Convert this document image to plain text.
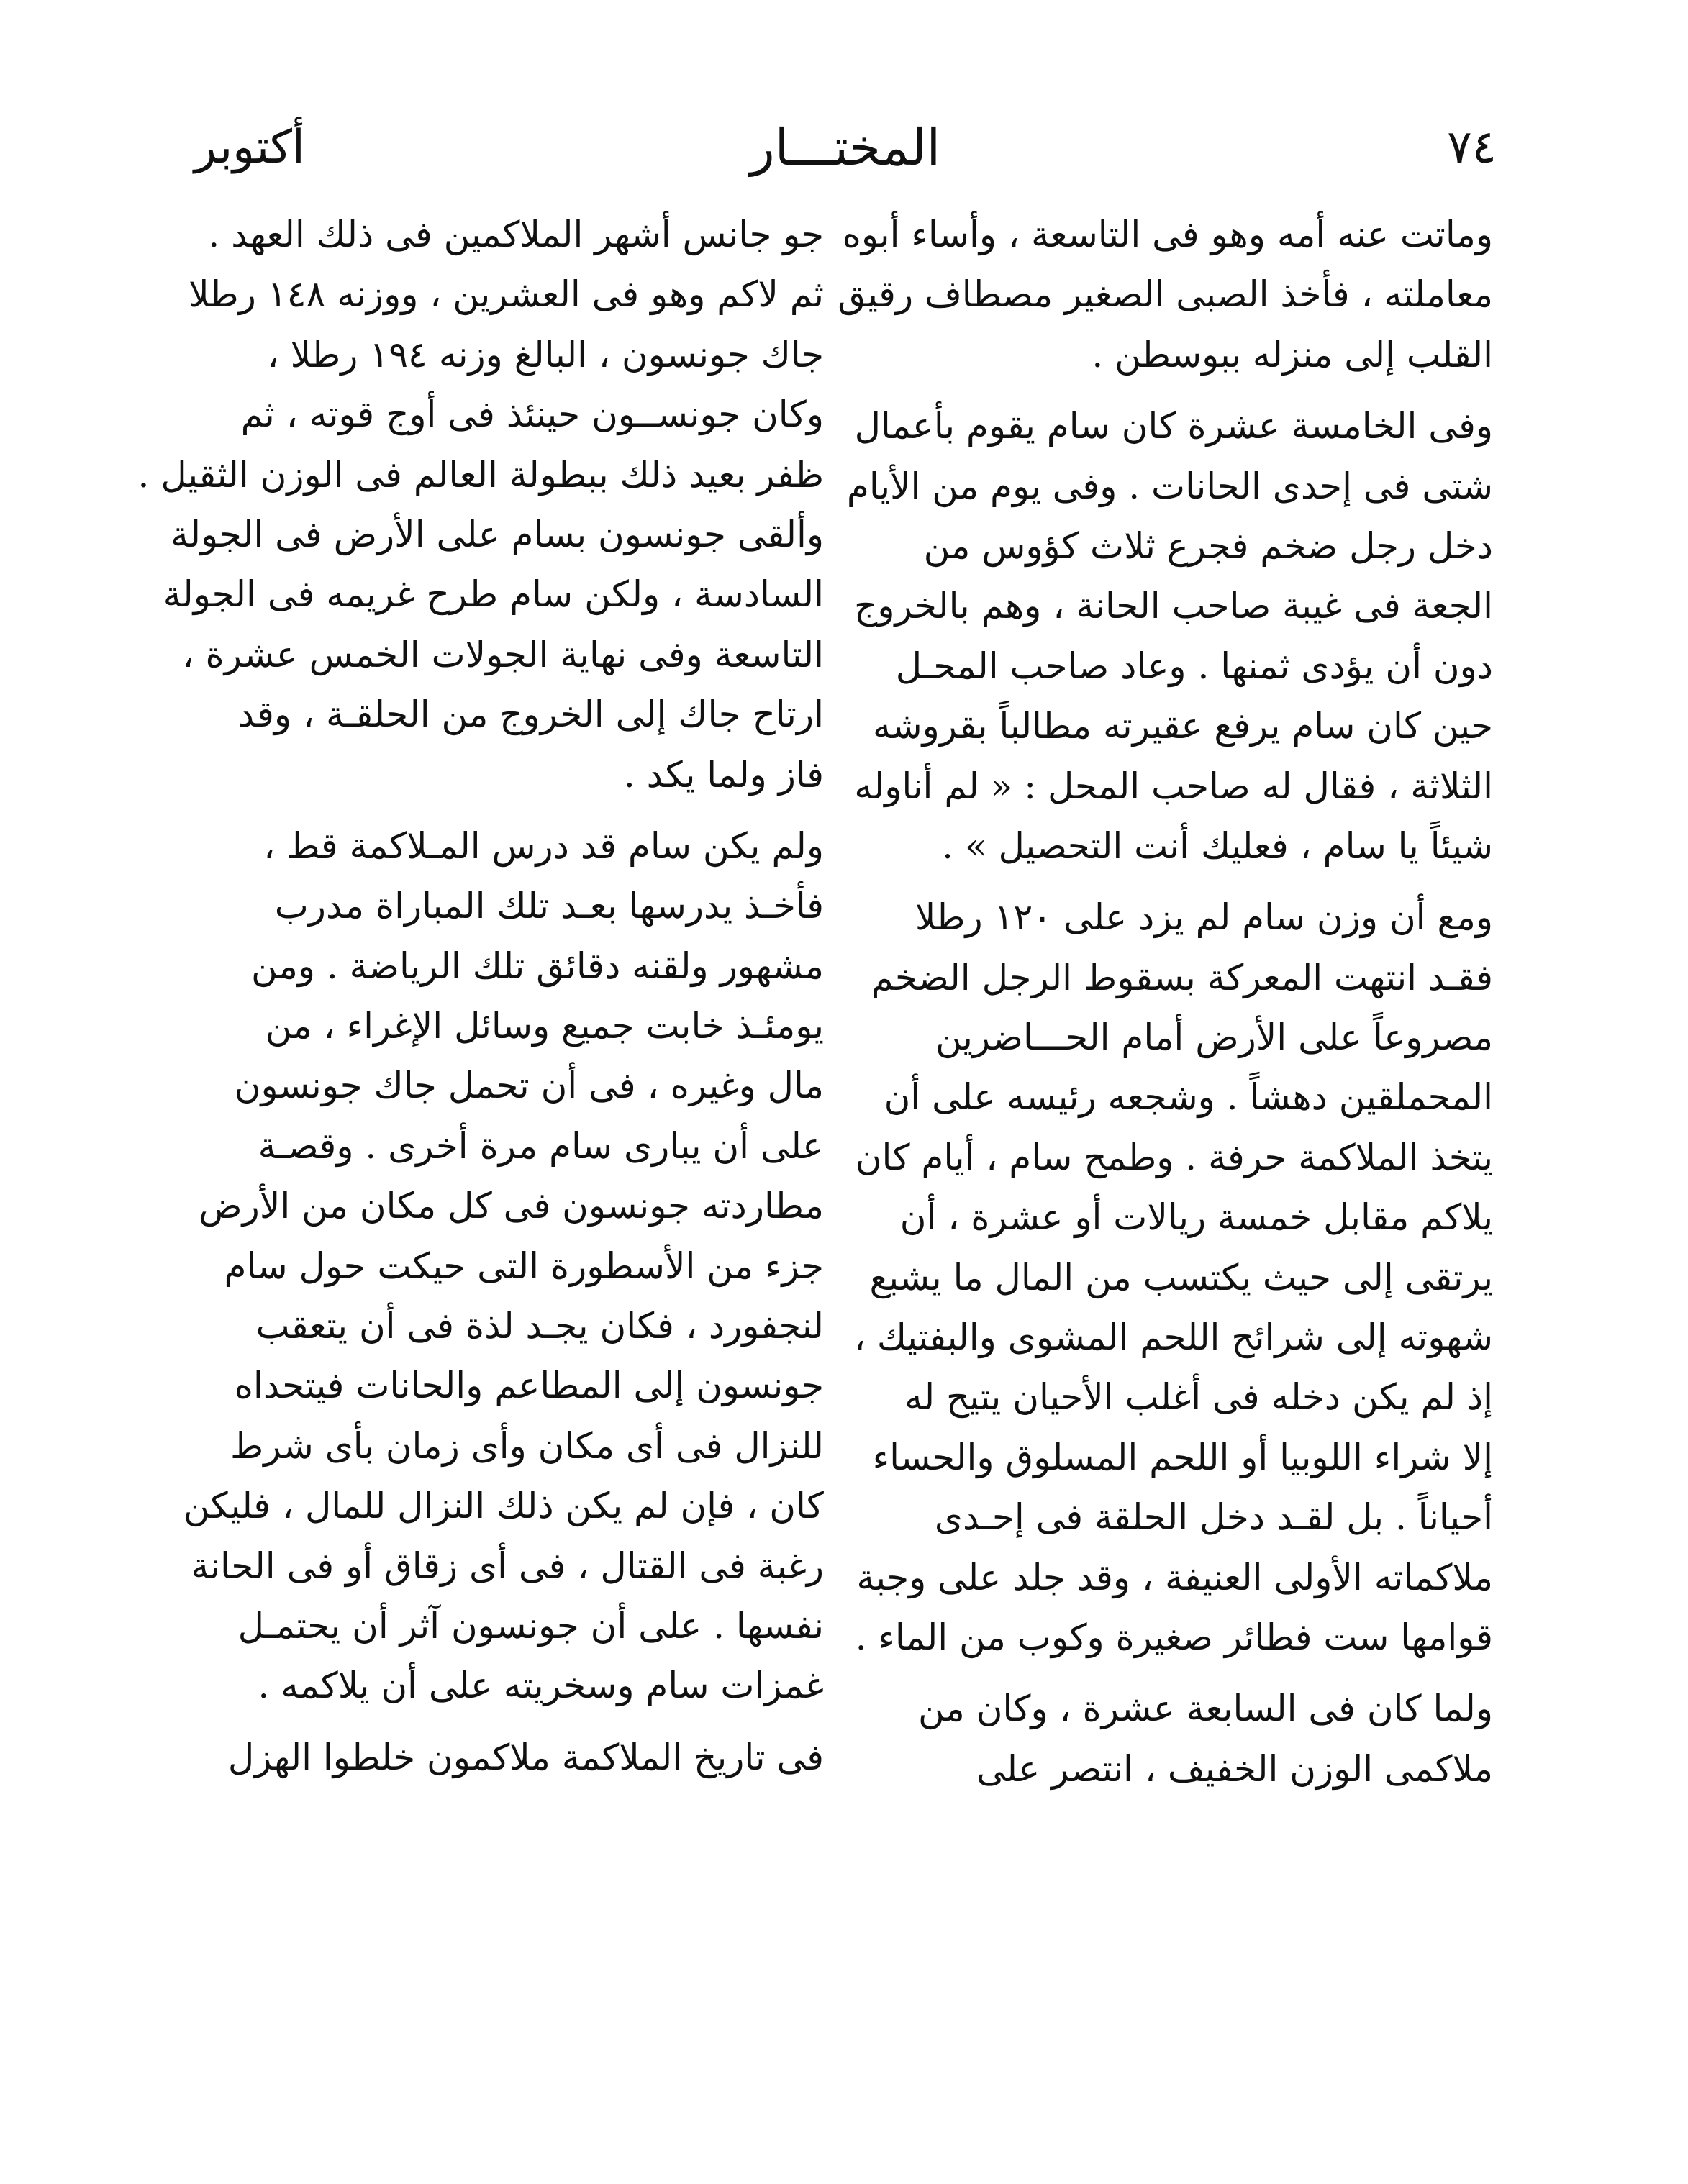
٧٤
المختـــار
أكتوبر
وماتت عنه أمه وهو فى التاسعة ، وأساء أبوه
معاملته ، فأخذ الصبى الصغير مصطاف رقيق
القلب إلى منزله ببوسطن .
وفى الخامسة عشرة كان سام يقوم بأعمال
شتى فى إحدى الحانات . وفى يوم من الأيام
دخل رجل ضخم فجرع ثلاث كؤوس من
الجعة فى غيبة صاحب الحانة ، وهم بالخروج
دون أن يؤدى ثمنها . وعاد صاحب المحـل
حين كان سام يرفع عقيرته مطالباً بقروشه
الثلاثة ، فقال له صاحب المحل : « لم أناوله
شيئاً يا سام ، فعليك أنت التحصيل » .
ومع أن وزن سام لم يزد على ١٢٠ رطلا
فقـد انتهت المعركة بسقوط الرجل الضخم
مصروعاً على الأرض أمام الحـــاضرين
المحملقين دهشاً . وشجعه رئيسه على أن
يتخذ الملاكمة حرفة . وطمح سام ، أيام كان
يلاكم مقابل خمسة ريالات أو عشرة ، أن
يرتقى إلى حيث يكتسب من المال ما يشبع
شهوته إلى شرائح اللحم المشوى والبفتيك ،
إذ لم يكن دخله فى أغلب الأحيان يتيح له
إلا شراء اللوبيا أو اللحم المسلوق والحساء
أحياناً . بل لقـد دخل الحلقة فى إحـدى
ملاكماته الأولى العنيفة ، وقد جلد على وجبة
قوامها ست فطائر صغيرة وكوب من الماء .
ولما كان فى السابعة عشرة ، وكان من
ملاكمى الوزن الخفيف ، انتصر على
جو جانس أشهر الملاكمين فى ذلك العهد .
ثم لاكم وهو فى العشرين ، ووزنه ١٤٨ رطلا
جاك جونسون ، البالغ وزنه ١٩٤ رطلا ،
وكان جونســون حينئذ فى أوج قوته ، ثم
ظفر بعيد ذلك ببطولة العالم فى الوزن الثقيل .
وألقى جونسون بسام على الأرض فى الجولة
السادسة ، ولكن سام طرح غريمه فى الجولة
التاسعة وفى نهاية الجولات الخمس عشرة ،
ارتاح جاك إلى الخروج من الحلقـة ، وقد
فاز ولما يكد .
ولم يكن سام قد درس المـلاكمة قط ،
فأخـذ يدرسها بعـد تلك المباراة مدرب
مشهور ولقنه دقائق تلك الرياضة . ومن
يومئـذ خابت جميع وسائل الإغراء ، من
مال وغيره ، فى أن تحمل جاك جونسون
على أن يبارى سام مرة أخرى . وقصـة
مطاردته جونسون فى كل مكان من الأرض
جزء من الأسطورة التى حيكت حول سام
لنجفورد ، فكان يجـد لذة فى أن يتعقب
جونسون إلى المطاعم والحانات فيتحداه
للنزال فى أى مكان وأى زمان بأى شرط
كان ، فإن لم يكن ذلك النزال للمال ، فليكن
رغبة فى القتال ، فى أى زقاق أو فى الحانة
نفسها . على أن جونسون آثر أن يحتمـل
غمزات سام وسخريته على أن يلاكمه .
فى تاريخ الملاكمة ملاكمون خلطوا الهزل
